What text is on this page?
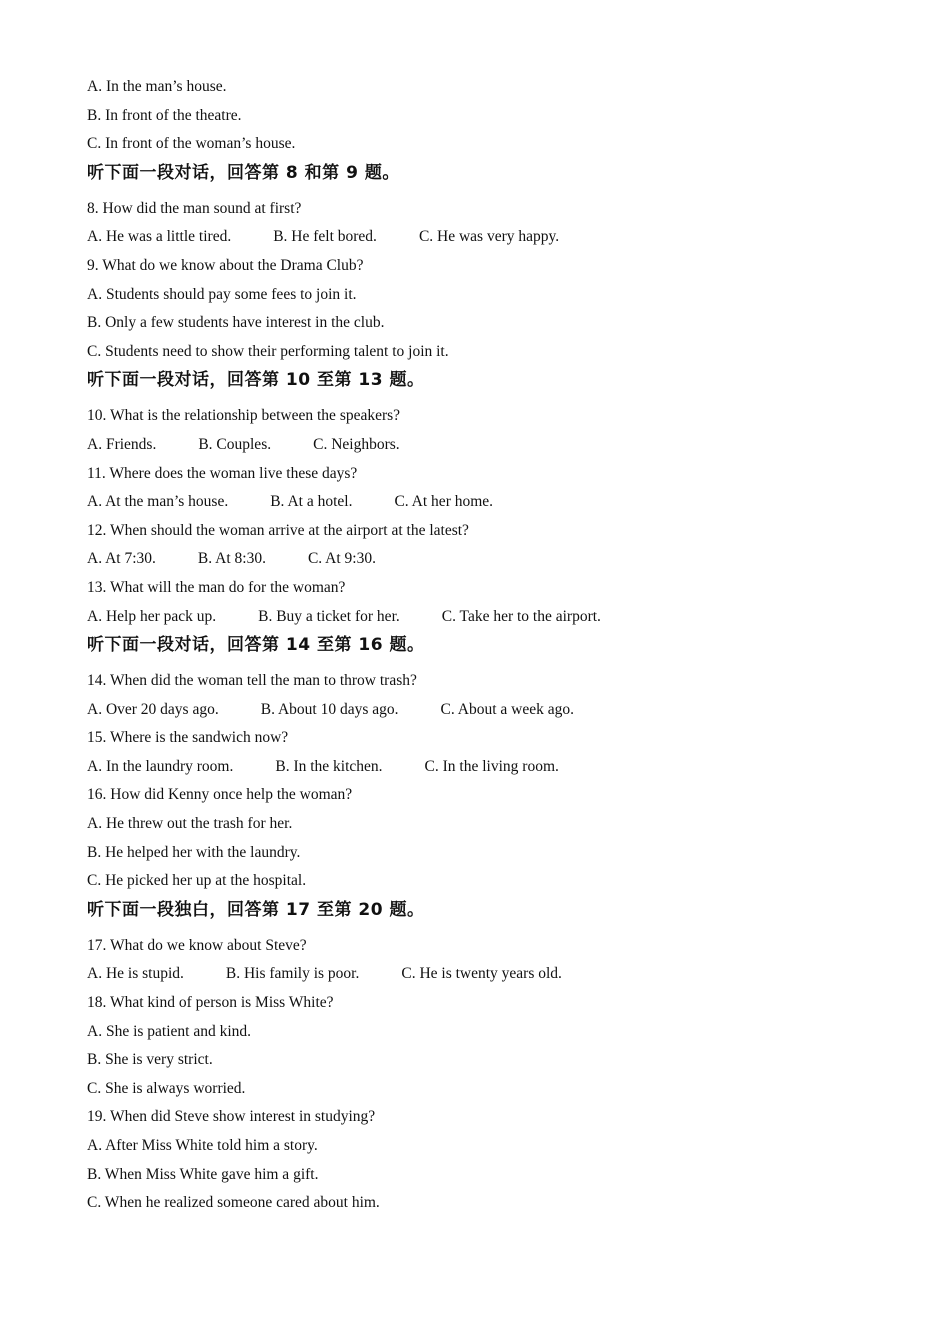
A. In the man’s house.
B. In front of the theatre.
C. In front of the woman’s house.
听下面一段对话，回答第 8 和第 9 题。
8. How did the man sound at first?
A. He was a little tired.	B. He felt bored.	C. He was very happy.
9. What do we know about the Drama Club?
A. Students should pay some fees to join it.
B. Only a few students have interest in the club.
C. Students need to show their performing talent to join it.
听下面一段对话，回答第 10 至第 13 题。
10. What is the relationship between the speakers?
A. Friends.	B. Couples.	C. Neighbors.
11. Where does the woman live these days?
A. At the man’s house.	B. At a hotel.	C. At her home.
12. When should the woman arrive at the airport at the latest?
A. At 7:30.	B. At 8:30.	C. At 9:30.
13. What will the man do for the woman?
A. Help her pack up.	B. Buy a ticket for her.	C. Take her to the airport.
听下面一段对话，回答第 14 至第 16 题。
14. When did the woman tell the man to throw trash?
A. Over 20 days ago.	B. About 10 days ago.	C. About a week ago.
15. Where is the sandwich now?
A. In the laundry room.	B. In the kitchen.	C. In the living room.
16. How did Kenny once help the woman?
A. He threw out the trash for her.
B. He helped her with the laundry.
C. He picked her up at the hospital.
听下面一段独白，回答第 17 至第 20 题。
17. What do we know about Steve?
A. He is stupid.	B. His family is poor.	C. He is twenty years old.
18. What kind of person is Miss White?
A. She is patient and kind.
B. She is very strict.
C. She is always worried.
19. When did Steve show interest in studying?
A. After Miss White told him a story.
B. When Miss White gave him a gift.
C. When he realized someone cared about him.
